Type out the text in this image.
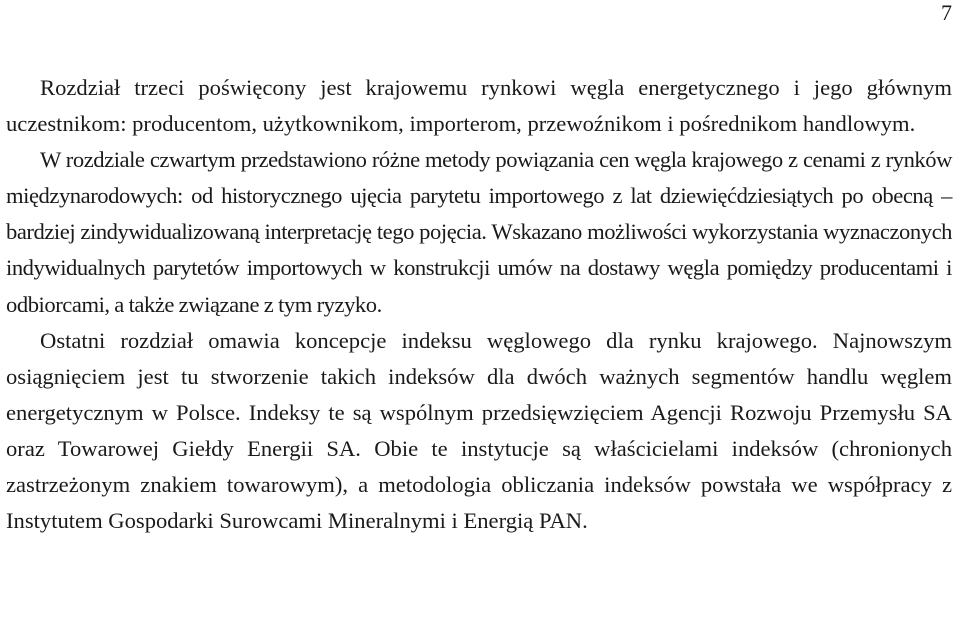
7

Rozdział trzeci poświęcony jest krajowemu rynkowi węgla energetycznego i jego głównym uczestnikom: producentom, użytkownikom, importerom, przewoźnikom i pośrednikom handlowym.

W rozdziale czwartym przedstawiono różne metody powiązania cen węgla krajowego z cenami z rynków międzynarodowych: od historycznego ujęcia parytetu importowego z lat dziewięćdziesiątych po obecną – bardziej zindywidualizowaną interpretację tego pojęcia. Wskazano możliwości wykorzystania wyznaczonych indywidualnych parytetów importowych w konstrukcji umów na dostawy węgla pomiędzy producentami i odbiorcami, a także związane z tym ryzyko.

Ostatni rozdział omawia koncepcje indeksu węglowego dla rynku krajowego. Najnowszym osiągnięciem jest tu stworzenie takich indeksów dla dwóch ważnych segmentów handlu węglem energetycznym w Polsce. Indeksy te są wspólnym przedsięwzięciem Agencji Rozwoju Przemysłu SA oraz Towarowej Giełdy Energii SA. Obie te instytucje są właścicielami indeksów (chronionych zastrzeżonym znakiem towarowym), a metodologia obliczania indeksów powstała we współpracy z Instytutem Gospodarki Surowcami Mineralnymi i Energią PAN.
